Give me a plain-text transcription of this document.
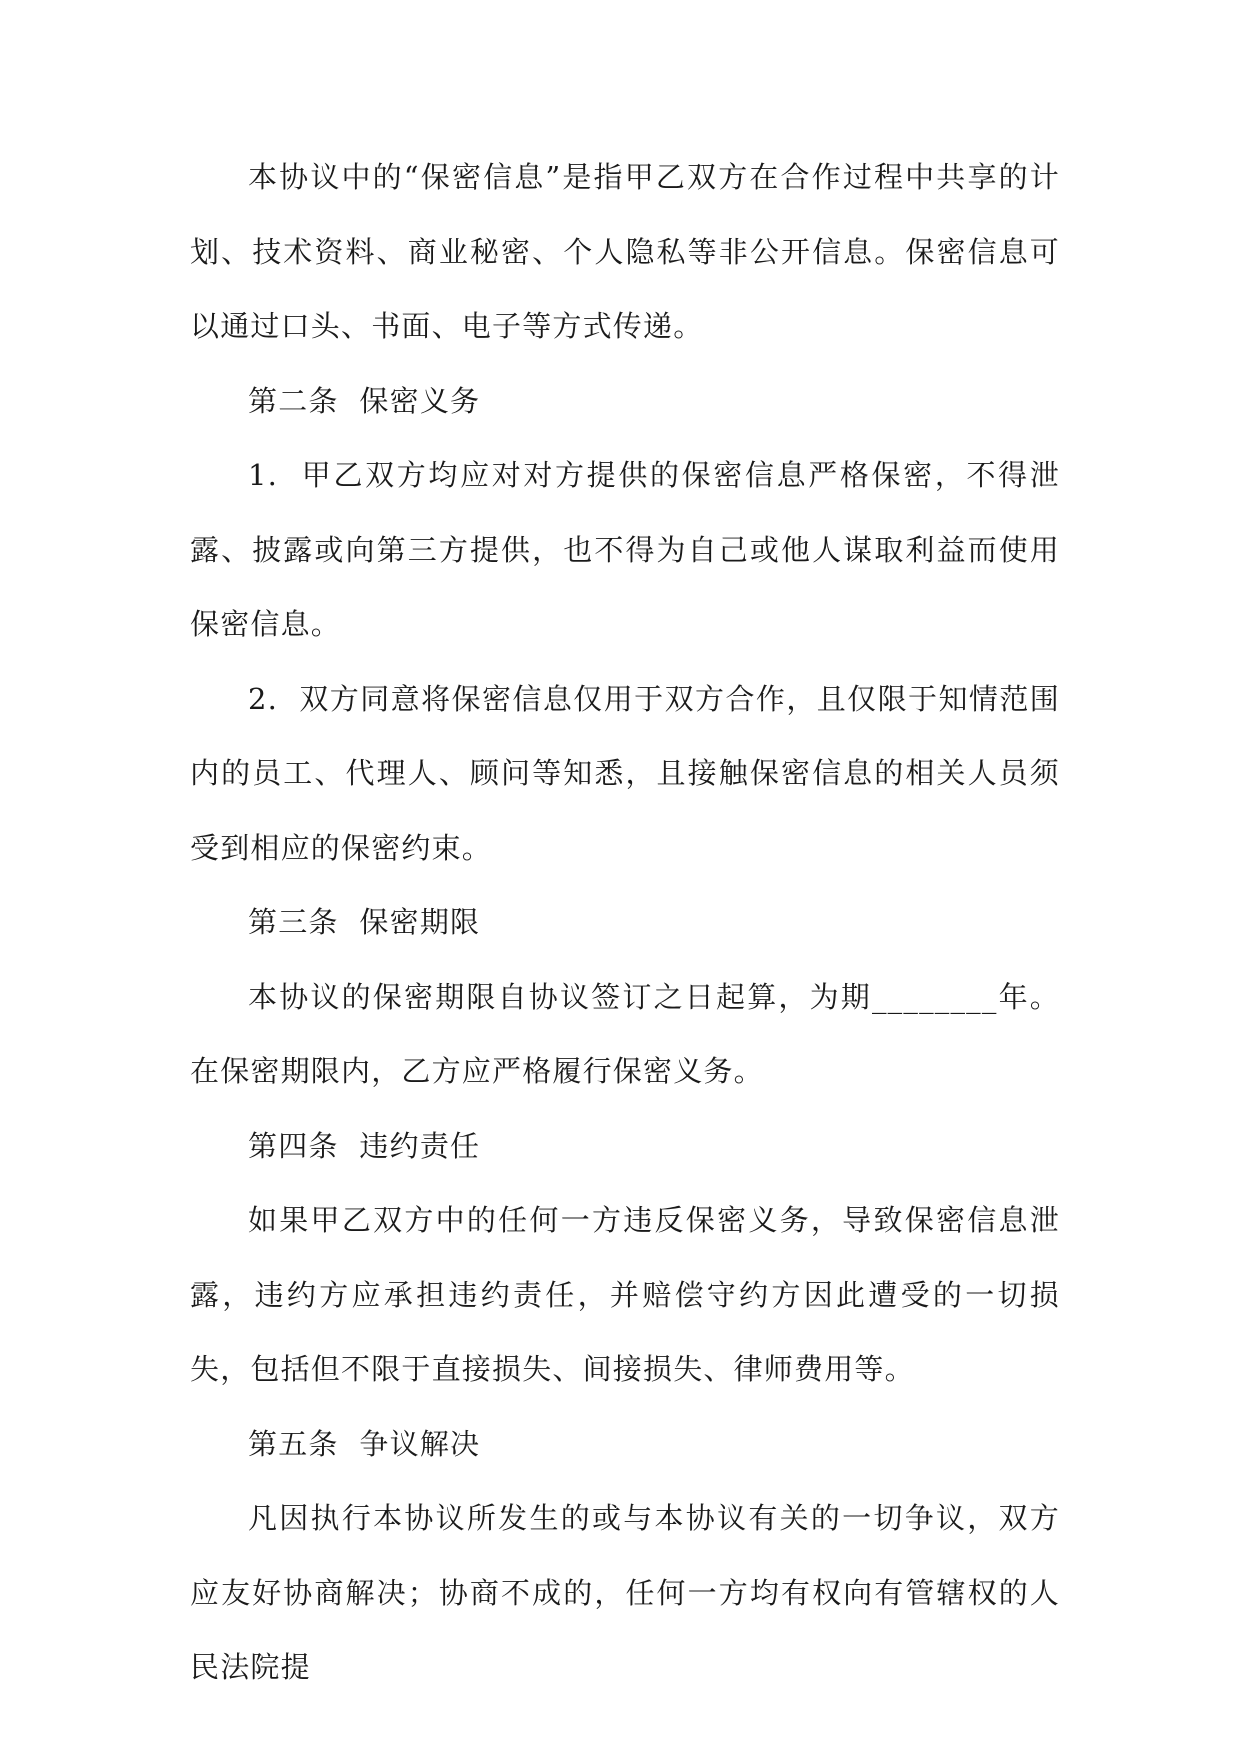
本协议中的“保密信息”是指甲乙双方在合作过程中共享的计划、技术资料、商业秘密、个人隐私等非公开信息。保密信息可以通过口头、书面、电子等方式传递。

第二条  保密义务

1.  甲乙双方均应对对方提供的保密信息严格保密，不得泄露、披露或向第三方提供，也不得为自己或他人谋取利益而使用保密信息。

2.  双方同意将保密信息仅用于双方合作，且仅限于知情范围内的员工、代理人、顾问等知悉，且接触保密信息的相关人员须受到相应的保密约束。

第三条  保密期限

本协议的保密期限自协议签订之日起算，为期________年。在保密期限内，乙方应严格履行保密义务。

第四条  违约责任

如果甲乙双方中的任何一方违反保密义务，导致保密信息泄露，违约方应承担违约责任，并赔偿守约方因此遭受的一切损失，包括但不限于直接损失、间接损失、律师费用等。

第五条  争议解决

凡因执行本协议所发生的或与本协议有关的一切争议，双方应友好协商解决；协商不成的，任何一方均有权向有管辖权的人民法院提
